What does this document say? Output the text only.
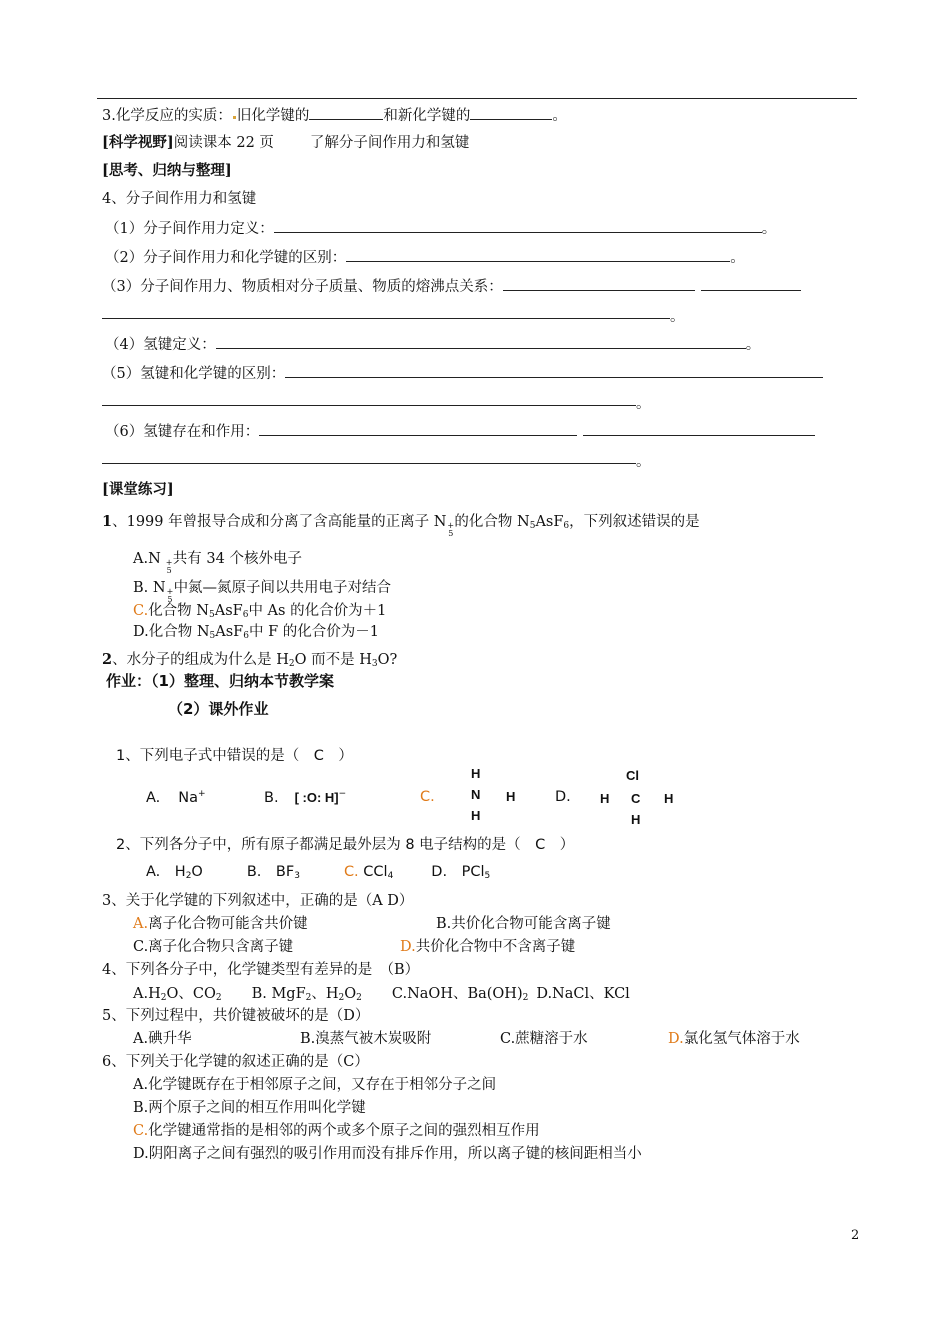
3.化学反应的实质： 旧化学键的	和新化学键的	。
[科学视野]阅读课本 22 页 了解分子间作用力和氢键
[思考、归纳与整理]
4、分子间作用力和氢键
（1）分子间作用力定义：	。
（2）分子间作用力和化学键的区别：	。
（3）分子间作用力、物质相对分子质量、物质的熔沸点关系：
。
（4）氢键定义：	。
（5）氢键和化学键的区别：
。
（6）氢键存在和作用：
。
[课堂练习]
1、1999 年曾报导合成和分离了含高能量的正离子 N +
5
的化合物 $N_5AsF_6$，下列叙述错误的是
A.N +
5
共有 34 个核外电子
B. N +
5
中氮—氮原子间以共用电子对结合
C.化合物 $N_5AsF_6$中 As 的化合价为＋1
D.化合物 $N_5AsF_6$中 F 的化合价为－1
2、水分子的组成为什么是 $H_2O$ 而不是 $H_3O$?
作业：（1）整理、归纳本节教学案
（2）课外作业
1、下列电子式中错误的是（　C　）
A. Na+	B. [ :O: H]−	C.
H
N H
H
D.
Cl
H C H
H
2、下列各分子中，所有原子都满足最外层为 8 电子结构的是（　C　）
A.　$H_2O$	B.　$BF_3$	C. CCl$_4$	D.　PCl$_5$
3、关于化学键的下列叙述中，正确的是（A D）
A.离子化合物可能含共价键	B.共价化合物可能含离子键
C.离子化合物只含离子键	D.共价化合物中不含离子键
4、下列各分子中，化学键类型有差异的是　（B）
$A.H_2O$、$CO_2$ B. MgF$_2$、$H_2O_2$ C.NaOH、$Ba(OH)_2$ D.NaCl、KCl
5、下列过程中，共价键被破坏的是（D）
A.碘升华	B.溴蒸气被木炭吸附	C.蔗糖溶于水	D.氯化氢气体溶于水
6、下列关于化学键的叙述正确的是（C）
A.化学键既存在于相邻原子之间，又存在于相邻分子之间
B.两个原子之间的相互作用叫化学键
C.化学键通常指的是相邻的两个或多个原子之间的强烈相互作用
D.阴阳离子之间有强烈的吸引作用而没有排斥作用，所以离子键的核间距相当小
2
